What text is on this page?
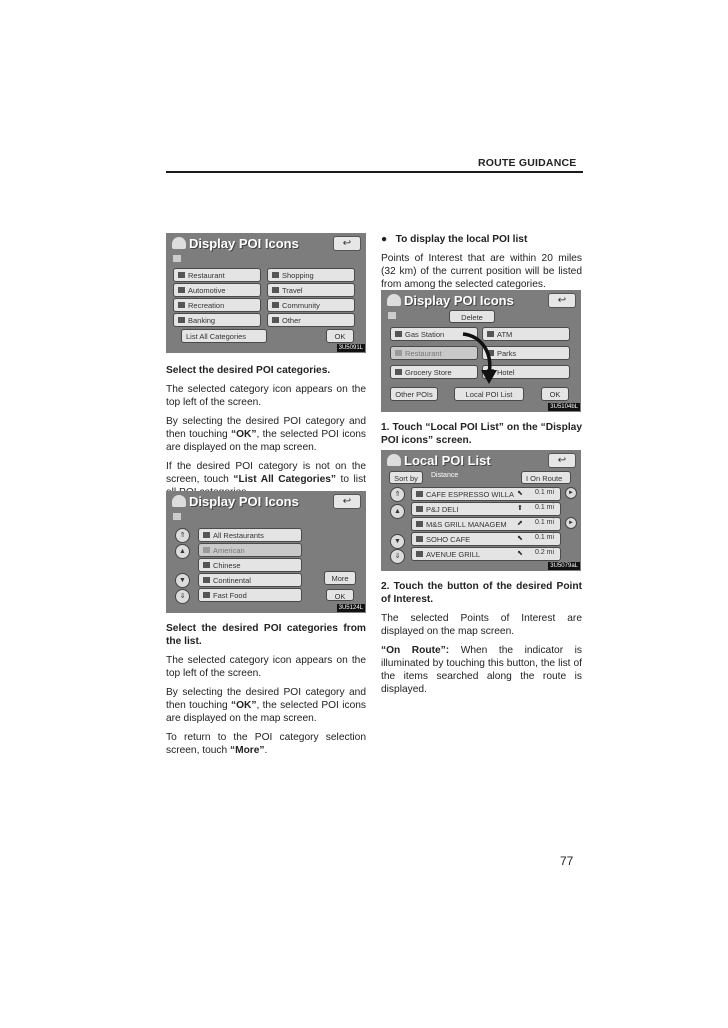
ROUTE GUIDANCE
Display POI Icons	↩
Restaurant	Shopping
Automotive	Travel
Recreation	Community
Banking	Other
List All Categories	OK
3U5091L

Select the desired POI categories.

The selected category icon appears on the top left of the screen.

By selecting the desired POI category and then touching “OK”, the selected POI icons are displayed on the map screen.

If the desired POI category is not on the screen, touch “List All Categories” to list

Display POI Icons	↩
⇑
▲
▼
⇓
All Restaurants
American
Chinese
Continental
Fast Food
More
OK
3U5124L

Select the desired POI categories from the list.

The selected category icon appears on the top left of the screen.

By selecting the desired POI category and then touching “OK”, the selected POI icons are displayed on the map screen.

To return to the POI category selection screen, touch “More”.

● To display the local POI list

Points of Interest that are within 20 miles (32 km) of the current position will be listed from among the selected categories.

Display POI Icons	↩
Delete
Gas Station	ATM
Restaurant	Parks
Grocery Store	Hotel
Other POIs	Local POI List	OK
3U5104bL

1. Touch “Local POI List” on the “Display POI icons” screen.

Local POI List	↩
Sort by	Distance	I On Route
⇑
▲
▼
⇓
CAFE ESPRESSO WILLA ⬉ 0.1 mi	►
P&J DELI	⬆ 0.1 mi
M&S GRILL MANAGEM	⬈ 0.1 mi	►
SOHO CAFE	⬉ 0.1 mi
AVENUE GRILL	⬉ 0.2 mi
3U5079aL

2. Touch the button of the desired Point of Interest.

The selected Points of Interest are displayed on the map screen.

“On Route”: When the indicator is illuminated by touching this button, the list of the items searched along the route is displayed.

77
